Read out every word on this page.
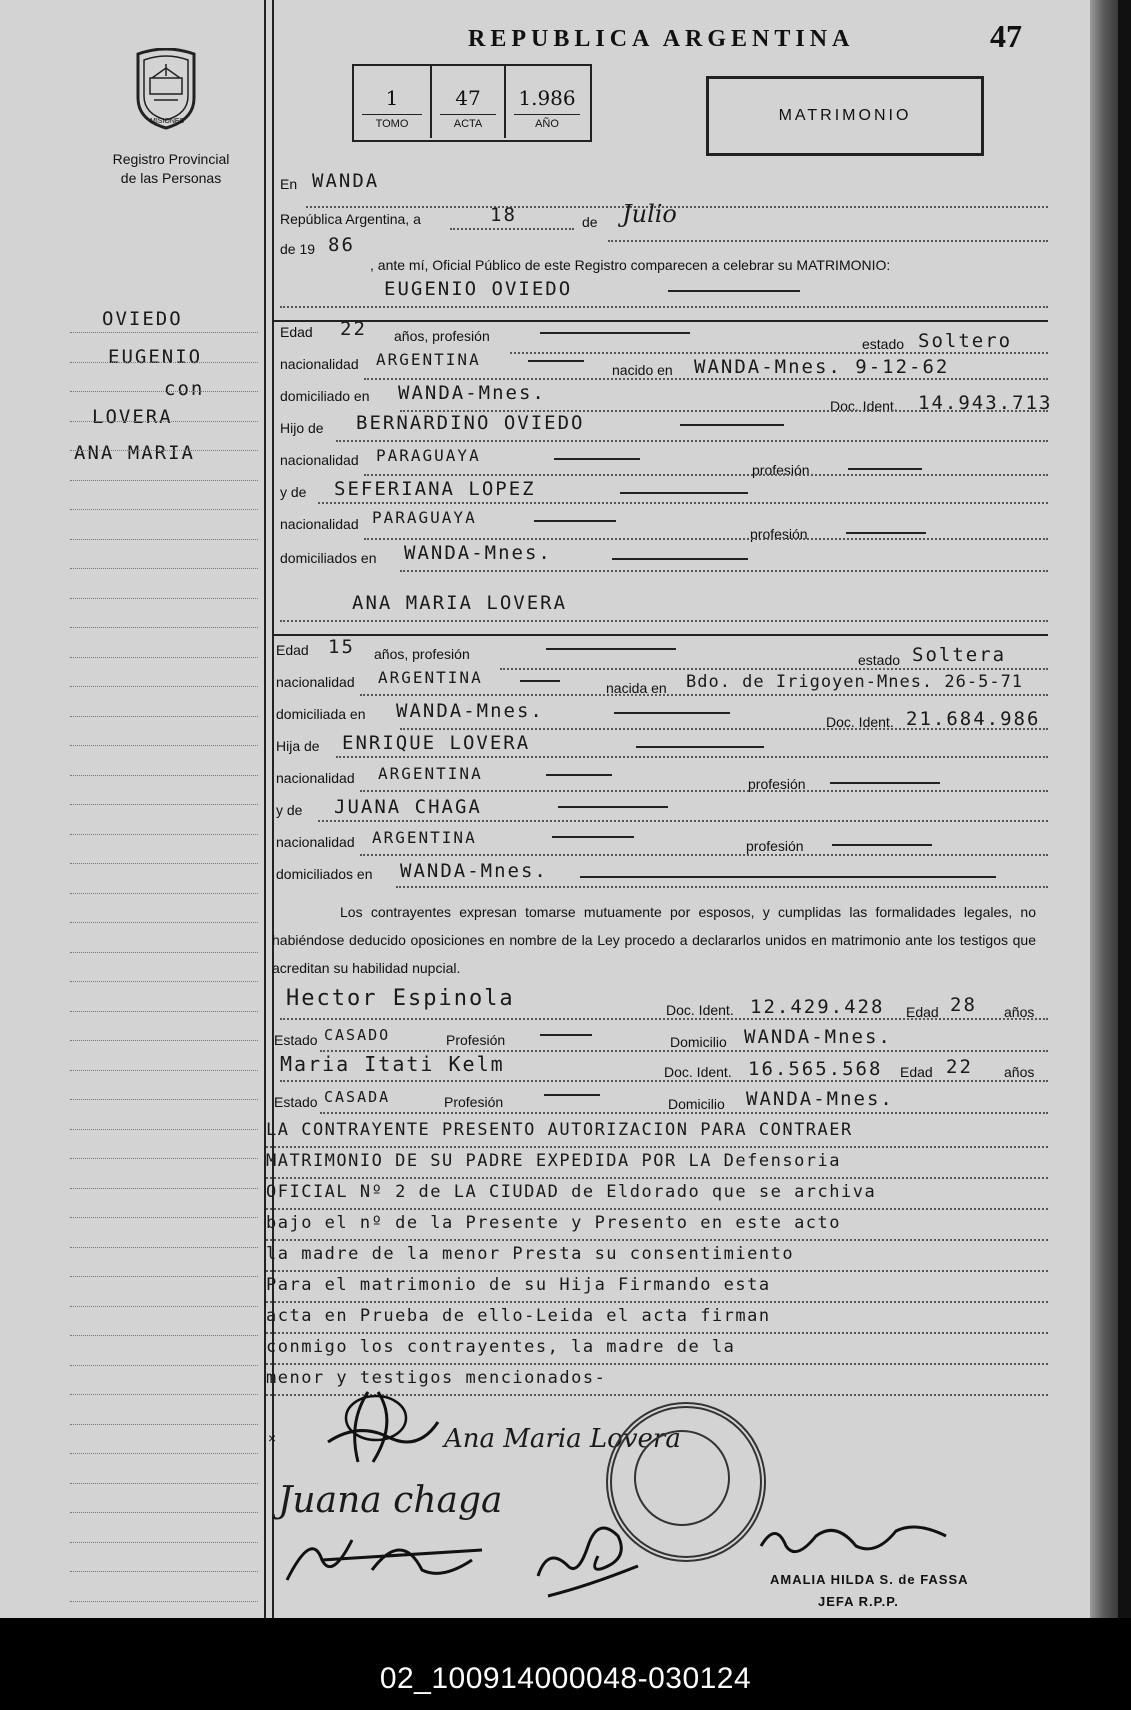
MISIONES
Registro Provincial
de las Personas
REPUBLICA ARGENTINA	47
1
TOMO
47
ACTA
1.986
AÑO	MATRIMONIO
OVIEDO
EUGENIO
con
LOVERA
ANA MARIA
En WANDA
República Argentina, a	18	de Julio
de 19 86
, ante mí, Oficial Público de este Registro comparecen a celebrar su MATRIMONIO:
EUGENIO OVIEDO
Edad 22 años, profesión	estado Soltero
nacionalidad ARGENTINA
nacido en WANDA-Mnes. 9-12-62
domiciliado en WANDA-Mnes.
Doc. Ident. 14.943.713
Hijo de BERNARDINO OVIEDO
nacionalidad PARAGUAYA
profesión
y de SEFERIANA LOPEZ
nacionalidad PARAGUAYA
profesión
domiciliados en WANDA-Mnes.
ANA MARIA LOVERA
Edad 15 años, profesión	estado Soltera
nacionalidad ARGENTINA
nacida en Bdo. de Irigoyen-Mnes. 26-5-71
domiciliada en WANDA-Mnes.	Doc. Ident. 21.684.986
Hija de ENRIQUE LOVERA
nacionalidad ARGENTINA
profesión
y de JUANA CHAGA
nacionalidad ARGENTINA	profesión
domiciliados en WANDA-Mnes.
Los contrayentes expresan tomarse mutuamente por esposos, y cumplidas las formalidades legales, no habiéndose deducido oposiciones en nombre de la Ley procedo a declararlos unidos en matrimonio ante los testigos que acreditan su habilidad nupcial.
Hector Espinola	Doc. Ident. 12.429.428 Edad 28 años
Estado CASADO	Profesión	Domicilio WANDA-Mnes.
Maria Itati Kelm	Doc. Ident. 16.565.568 Edad 22 años
Estado CASADA	Profesión	Domicilio WANDA-Mnes.
LA CONTRAYENTE PRESENTO AUTORIZACION PARA CONTRAER
MATRIMONIO DE SU PADRE EXPEDIDA POR LA Defensoria
OFICIAL Nº 2 de LA CIUDAD de Eldorado que se archiva
bajo el nº de la Presente y Presento en este acto
la madre de la menor Presta su consentimiento
Para el matrimonio de su Hija Firmando esta
acta en Prueba de ello-Leida el acta firman
conmigo los contrayentes, la madre de la
menor y testigos mencionados-
×	Ana Maria Lovera
Juana chaga
AMALIA HILDA S. de FASSA
JEFA R.P.P.
02_100914000048-030124
